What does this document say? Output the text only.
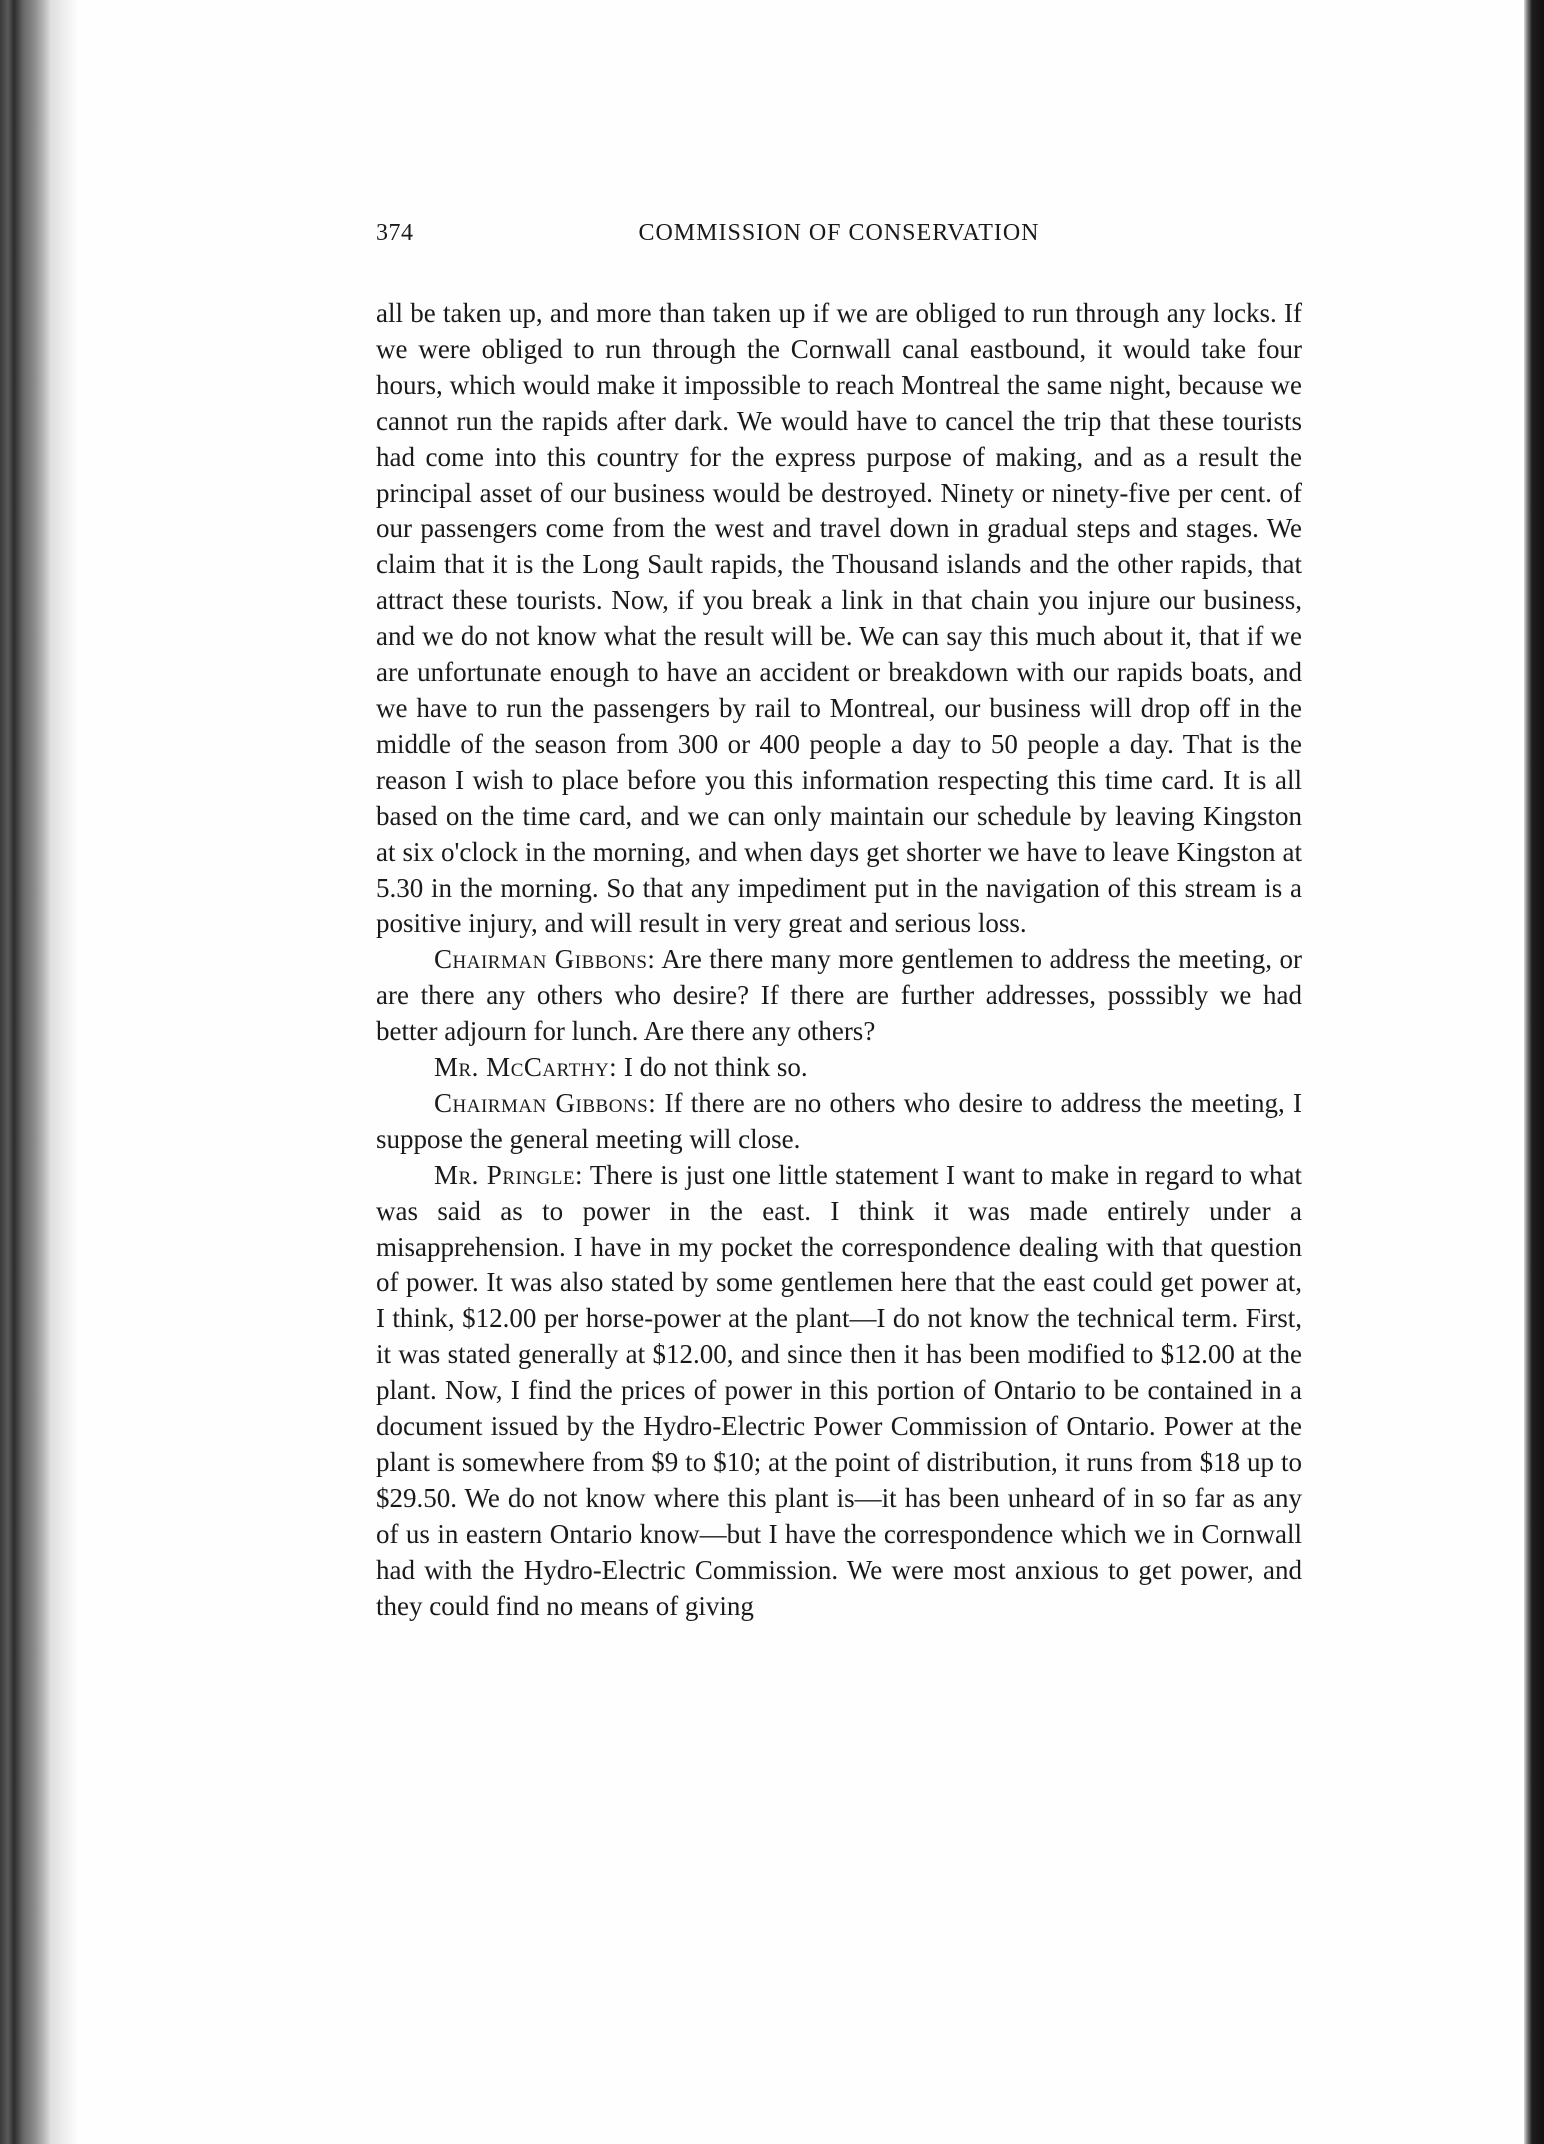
374	COMMISSION OF CONSERVATION

all be taken up, and more than taken up if we are obliged to run through any locks. If we were obliged to run through the Cornwall canal eastbound, it would take four hours, which would make it impossible to reach Montreal the same night, because we cannot run the rapids after dark. We would have to cancel the trip that these tourists had come into this country for the express purpose of making, and as a result the principal asset of our business would be destroyed. Ninety or ninety-five per cent. of our passengers come from the west and travel down in gradual steps and stages. We claim that it is the Long Sault rapids, the Thousand islands and the other rapids, that attract these tourists. Now, if you break a link in that chain you injure our business, and we do not know what the result will be. We can say this much about it, that if we are unfortunate enough to have an accident or breakdown with our rapids boats, and we have to run the passengers by rail to Montreal, our business will drop off in the middle of the season from 300 or 400 people a day to 50 people a day. That is the reason I wish to place before you this information respecting this time card. It is all based on the time card, and we can only maintain our schedule by leaving Kingston at six o'clock in the morning, and when days get shorter we have to leave Kingston at 5.30 in the morning. So that any impediment put in the navigation of this stream is a positive injury, and will result in very great and serious loss.

Chairman Gibbons: Are there many more gentlemen to address the meeting, or are there any others who desire? If there are further addresses, posssibly we had better adjourn for lunch. Are there any others?

Mr. McCarthy: I do not think so.

Chairman Gibbons: If there are no others who desire to address the meeting, I suppose the general meeting will close.

Mr. Pringle: There is just one little statement I want to make in regard to what was said as to power in the east. I think it was made entirely under a misapprehension. I have in my pocket the correspondence dealing with that question of power. It was also stated by some gentlemen here that the east could get power at, I think, $12.00 per horse-power at the plant—I do not know the technical term. First, it was stated generally at $12.00, and since then it has been modified to $12.00 at the plant. Now, I find the prices of power in this portion of Ontario to be contained in a document issued by the Hydro-Electric Power Commission of Ontario. Power at the plant is somewhere from $9 to $10; at the point of distribution, it runs from $18 up to $29.50. We do not know where this plant is—it has been unheard of in so far as any of us in eastern Ontario know—but I have the correspondence which we in Cornwall had with the Hydro-Electric Commission. We were most anxious to get power, and they could find no means of giving
